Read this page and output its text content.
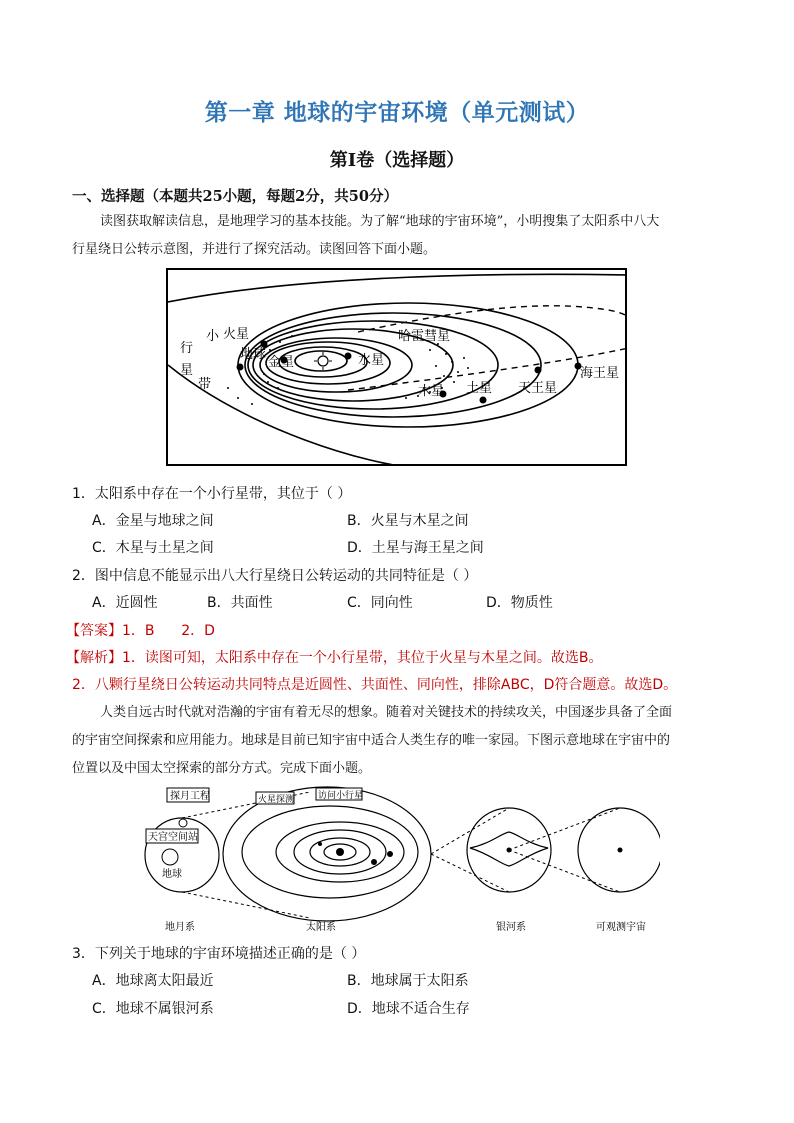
第一章 地球的宇宙环境（单元测试）
第I卷（选择题）
一、选择题（本题共25小题，每题2分，共50分）
读图获取解读信息，是地理学习的基本技能。为了解“地球的宇宙环境”，小明搜集了太阳系中八大
行星绕日公转示意图，并进行了探究活动。读图回答下面小题。
小
行
星
带
火星
地球
金星	水星
哈雷彗星
木星 土星 天王星
海王星
1．太阳系中存在一个小行星带，其位于（ ）
A．金星与地球之间	B．火星与木星之间
C．木星与土星之间	D．土星与海王星之间
2．图中信息不能显示出八大行星绕日公转运动的共同特征是（ ）
A．近圆性	B．共面性	C．同向性	D．物质性
【答案】1．B      2．D
【解析】1．读图可知，太阳系中存在一个小行星带，其位于火星与木星之间。故选B。
2．八颗行星绕日公转运动共同特点是近圆性、共面性、同向性，排除ABC，D符合题意。故选D。
人类自远古时代就对浩瀚的宇宙有着无尽的想象。随着对关键技术的持续攻关，中国逐步具备了全面
的宇宙空间探索和应用能力。地球是目前已知宇宙中适合人类生存的唯一家园。下图示意地球在宇宙中的
位置以及中国太空探索的部分方式。完成下面小题。
探月工程
天宫空间站
地球
火星探测	访问小行星
地月系	太阳系	银河系	可观测宇宙
3．下列关于地球的宇宙环境描述正确的是（ ）
A．地球离太阳最近	B．地球属于太阳系
C．地球不属银河系	D．地球不适合生存
